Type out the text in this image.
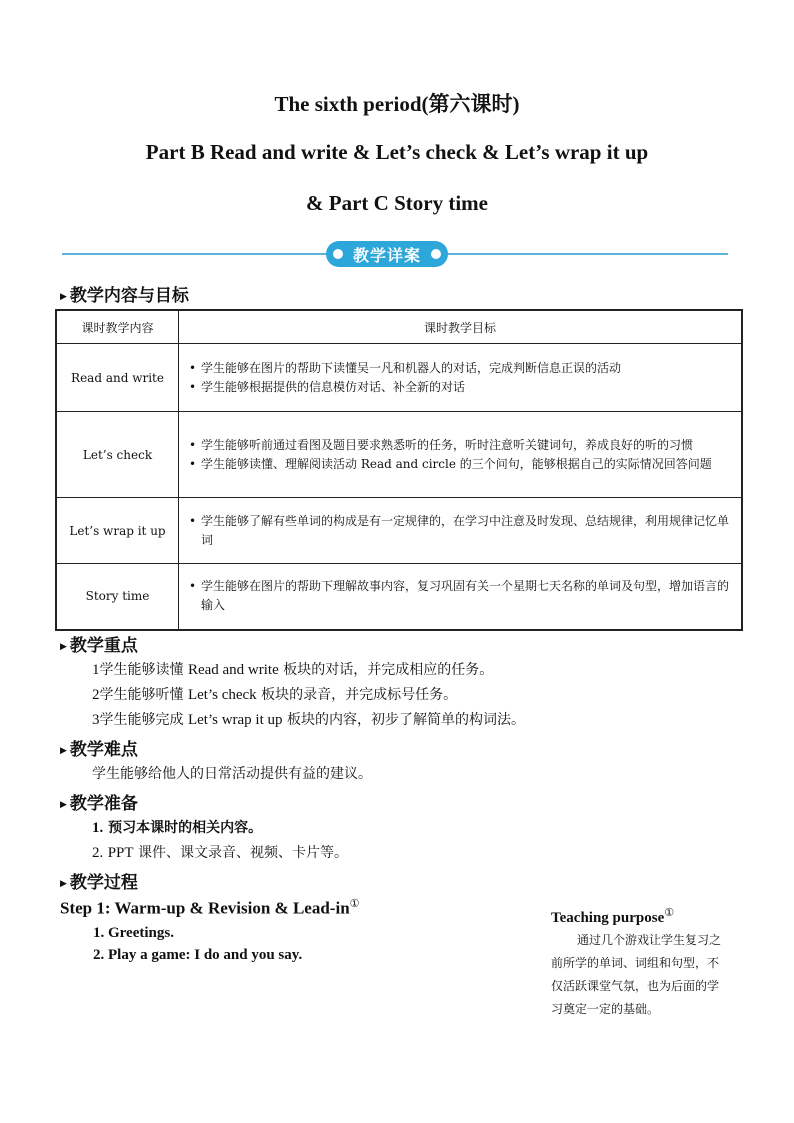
The sixth period(第六课时)
Part B Read and write & Let’s check & Let’s wrap it up
& Part C Story time
教学详案
▶ 教学内容与目标
课时教学内容	课时教学目标
Read and write	• 学生能够在图片的帮助下读懂吴一凡和机器人的对话，完成判断信息正误的活动
• 学生能够根据提供的信息模仿对话、补全新的对话

Let’s check	• 学生能够听前通过看图及题目要求熟悉听的任务，听时注意听关键词句，养成良好的听的习惯
• 学生能够读懂、理解阅读活动 Read and circle 的三个问句，能够根据自己的实际情况回答问题

Let’s wrap it up	• 学生能够了解有些单词的构成是有一定规律的，在学习中注意及时发现、总结规律，利用规律记忆单词

Story time	• 学生能够在图片的帮助下理解故事内容，复习巩固有关一个星期七天名称的单词及句型，增加语言的输入
▶ 教学重点
1学生能够读懂 Read and write 板块的对话，并完成相应的任务。
2学生能够听懂 Let’s check 板块的录音，并完成标号任务。
3学生能够完成 Let’s wrap it up 板块的内容，初步了解简单的构词法。
▶ 教学难点
学生能够给他人的日常活动提供有益的建议。
▶ 教学准备
1. 预习本课时的相关内容。
2. PPT 课件、课文录音、视频、卡片等。
▶ 教学过程
Step 1: Warm-up & Revision & Lead-in①
1. Greetings.
2. Play a game: I do and you say.
Teaching purpose①
通过几个游戏让学生复习之前所学的单词、词组和句型，不仅活跃课堂气氛，也为后面的学习奠定一定的基础。
